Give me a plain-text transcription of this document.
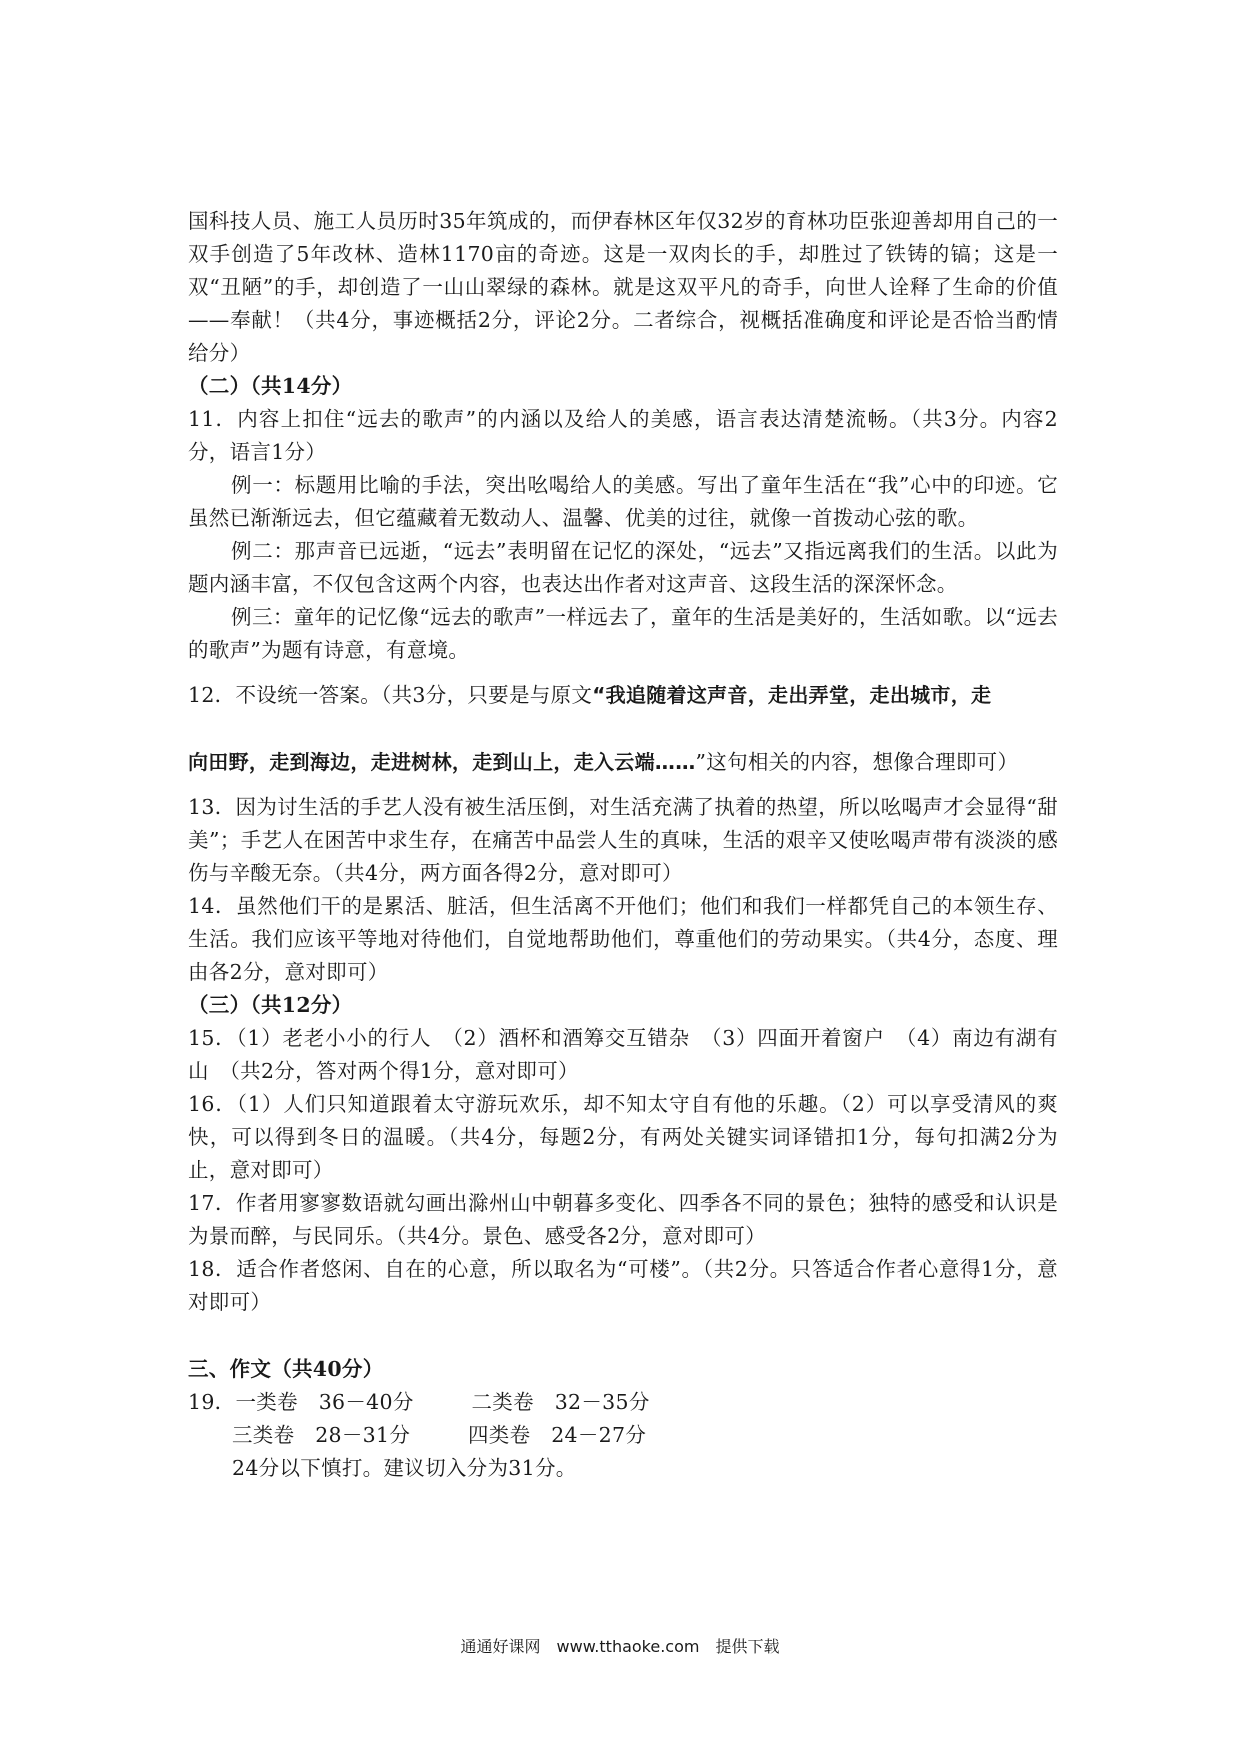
国科技人员、施工人员历时35年筑成的，而伊春林区年仅32岁的育林功臣张迎善却用自己的一双手创造了5年改林、造林1170亩的奇迹。这是一双肉长的手，却胜过了铁铸的镐；这是一双“丑陋”的手，却创造了一山山翠绿的森林。就是这双平凡的奇手，向世人诠释了生命的价值——奉献！（共4分，事迹概括2分，评论2分。二者综合，视概括准确度和评论是否恰当酌情给分）

（二）（共14分）

11．内容上扣住“远去的歌声”的内涵以及给人的美感，语言表达清楚流畅。（共3分。内容2分，语言1分）

例一：标题用比喻的手法，突出吆喝给人的美感。写出了童年生活在“我”心中的印迹。它虽然已渐渐远去，但它蕴藏着无数动人、温馨、优美的过往，就像一首拨动心弦的歌。

例二：那声音已远逝，“远去”表明留在记忆的深处，“远去”又指远离我们的生活。以此为题内涵丰富，不仅包含这两个内容，也表达出作者对这声音、这段生活的深深怀念。

例三：童年的记忆像“远去的歌声”一样远去了，童年的生活是美好的，生活如歌。以“远去的歌声”为题有诗意，有意境。

12．不设统一答案。（共3分，只要是与原文“我追随着这声音，走出弄堂，走出城市，走

向田野，走到海边，走进树林，走到山上，走入云端……”这句相关的内容，想像合理即可）

13．因为讨生活的手艺人没有被生活压倒，对生活充满了执着的热望，所以吆喝声才会显得“甜美”；手艺人在困苦中求生存，在痛苦中品尝人生的真味，生活的艰辛又使吆喝声带有淡淡的感伤与辛酸无奈。（共4分，两方面各得2分，意对即可）

14．虽然他们干的是累活、脏活，但生活离不开他们；他们和我们一样都凭自己的本领生存、生活。我们应该平等地对待他们，自觉地帮助他们，尊重他们的劳动果实。（共4分，态度、理由各2分，意对即可）

（三）（共12分）

15．（1）老老小小的行人　（2）酒杯和酒筹交互错杂　（3）四面开着窗户　（4）南边有湖有山　（共2分，答对两个得1分，意对即可）

16．（1）人们只知道跟着太守游玩欢乐，却不知太守自有他的乐趣。（2）可以享受清风的爽快，可以得到冬日的温暖。（共4分，每题2分，有两处关键实词译错扣1分，每句扣满2分为止，意对即可）

17．作者用寥寥数语就勾画出滁州山中朝暮多变化、四季各不同的景色；独特的感受和认识是为景而醉，与民同乐。（共4分。景色、感受各2分，意对即可）

18．适合作者悠闲、自在的心意，所以取名为“可楼”。（共2分。只答适合作者心意得1分，意对即可）

三、作文（共40分）

19．一类卷　36－40分	二类卷　32－35分

三类卷　28－31分	四类卷　24－27分

24分以下慎打。建议切入分为31分。

通通好课网　www.tthaoke.com　提供下载
